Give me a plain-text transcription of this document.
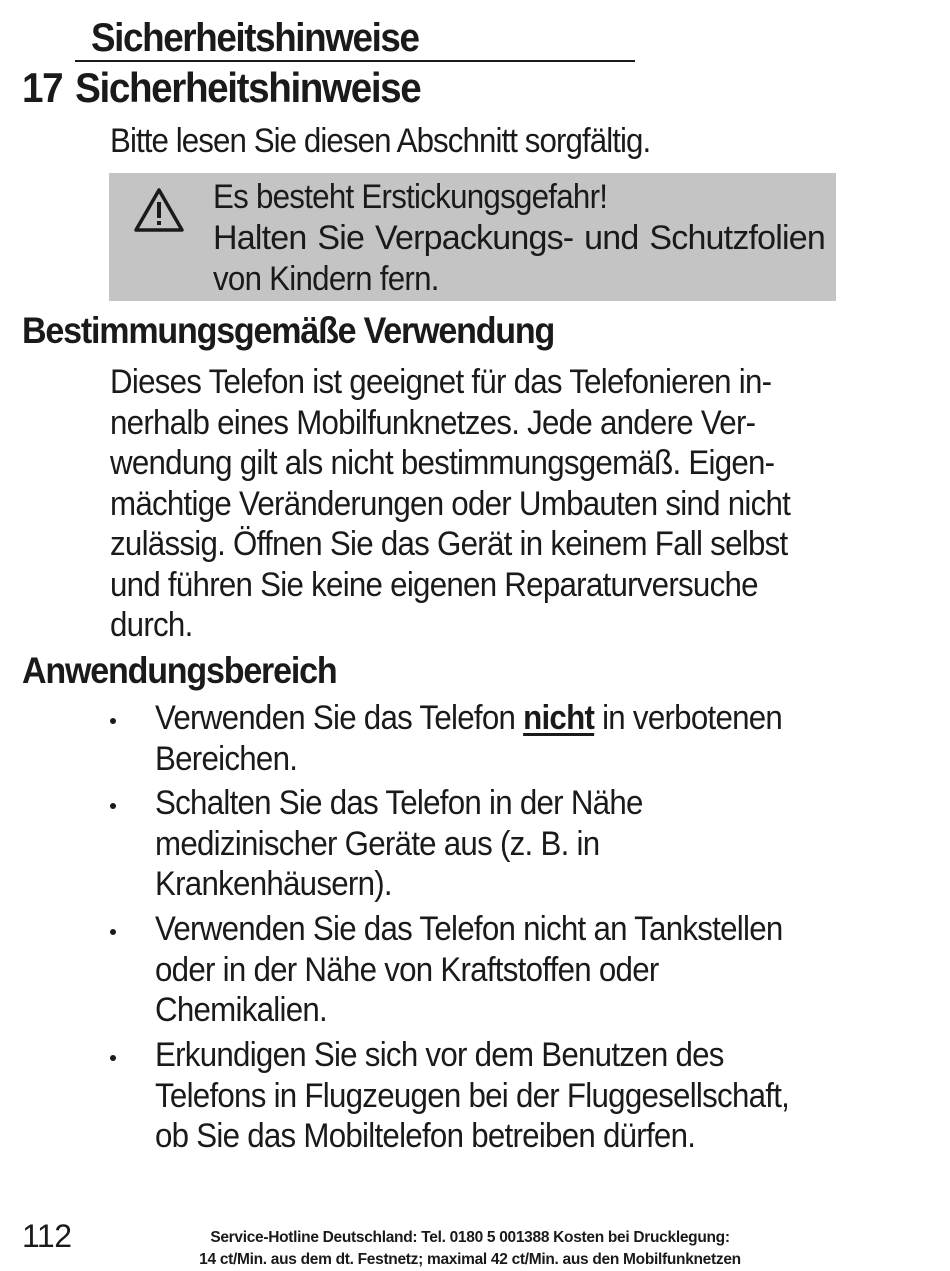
Sicherheitshinweise
17 Sicherheitshinweise
Bitte lesen Sie diesen Abschnitt sorgfältig.
Es besteht Erstickungsgefahr!
Halten Sie Verpackungs- und Schutzfolien
von Kindern fern.
Bestimmungsgemäße Verwendung
Dieses Telefon ist geeignet für das Telefonieren in-
nerhalb eines Mobilfunknetzes. Jede andere Ver-
wendung gilt als nicht bestimmungsgemäß. Eigen-
mächtige Veränderungen oder Umbauten sind nicht
zulässig. Öffnen Sie das Gerät in keinem Fall selbst
und führen Sie keine eigenen Reparaturversuche
durch.
Anwendungsbereich
Verwenden Sie das Telefon nicht in verbotenen
Bereichen.
Schalten Sie das Telefon in der Nähe
medizinischer Geräte aus (z. B. in
Krankenhäusern).
Verwenden Sie das Telefon nicht an Tankstellen
oder in der Nähe von Kraftstoffen oder
Chemikalien.
Erkundigen Sie sich vor dem Benutzen des
Telefons in Flugzeugen bei der Fluggesellschaft,
ob Sie das Mobiltelefon betreiben dürfen.
112	Service-Hotline Deutschland: Tel. 0180 5 001388 Kosten bei Drucklegung:
14 ct/Min. aus dem dt. Festnetz; maximal 42 ct/Min. aus den Mobilfunknetzen
